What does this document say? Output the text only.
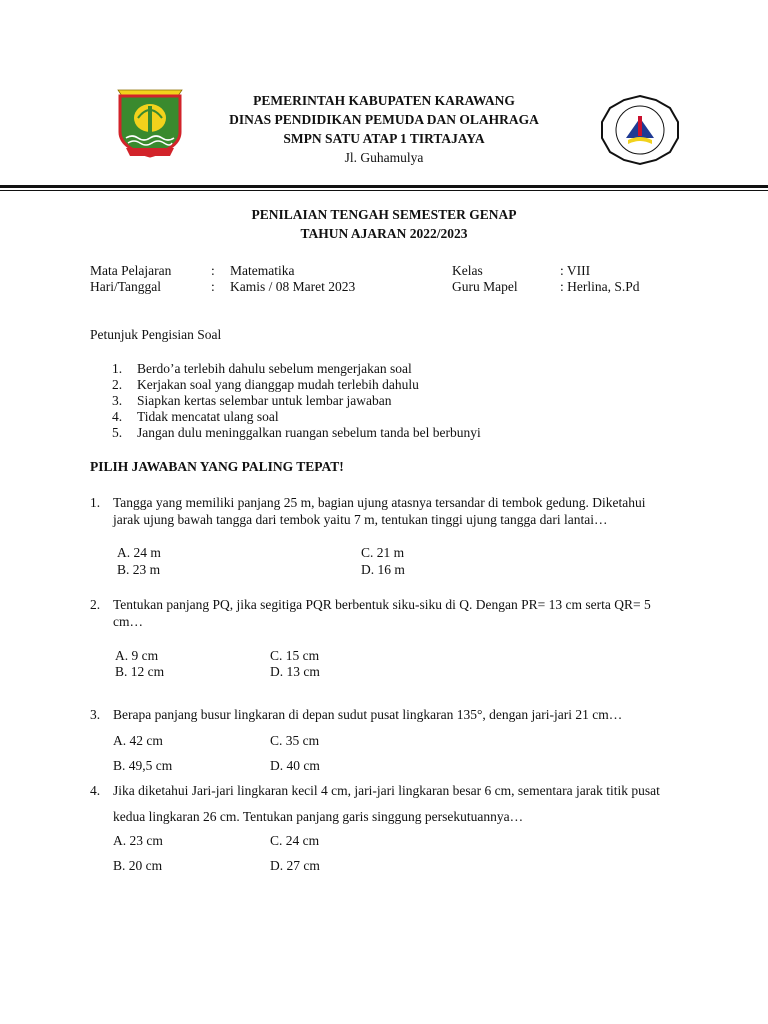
PEMERINTAH KABUPATEN KARAWANG
DINAS PENDIDIKAN PEMUDA DAN OLAHRAGA
SMPN SATU ATAP 1 TIRTAJAYA
Jl. Guhamulya
PENILAIAN TENGAH SEMESTER GENAP
TAHUN AJARAN 2022/2023
Mata Pelajaran	: Matematika	Kelas	: VIII
Hari/Tanggal	: Kamis / 08 Maret 2023	Guru Mapel	: Herlina, S.Pd
Petunjuk Pengisian Soal
1. Berdo’a terlebih dahulu sebelum mengerjakan soal
2. Kerjakan soal yang dianggap mudah terlebih dahulu
3. Siapkan kertas selembar untuk lembar jawaban
4. Tidak mencatat ulang soal
5. Jangan dulu meninggalkan ruangan sebelum tanda bel berbunyi
PILIH JAWABAN YANG PALING TEPAT!
1. Tangga yang memiliki panjang 25 m, bagian ujung atasnya tersandar di tembok gedung. Diketahui
jarak ujung bawah tangga dari tembok yaitu 7 m, tentukan tinggi ujung tangga dari lantai…
A. 24 m
B. 23 m
C. 21 m
D. 16 m
2. Tentukan panjang PQ, jika segitiga PQR berbentuk siku-siku di Q. Dengan PR= 13 cm serta QR= 5
cm…
A. 9 cm
B. 12 cm
C. 15 cm
D. 13 cm
3. Berapa panjang busur lingkaran di depan sudut pusat lingkaran 135°, dengan jari-jari 21 cm…
A. 42 cm
B. 49,5 cm
C. 35 cm
D. 40 cm
4. Jika diketahui Jari-jari lingkaran kecil 4 cm, jari-jari lingkaran besar 6 cm, sementara jarak titik pusat
kedua lingkaran 26 cm. Tentukan panjang garis singgung persekutuannya…
A. 23 cm
B. 20 cm
C. 24 cm
D. 27 cm
